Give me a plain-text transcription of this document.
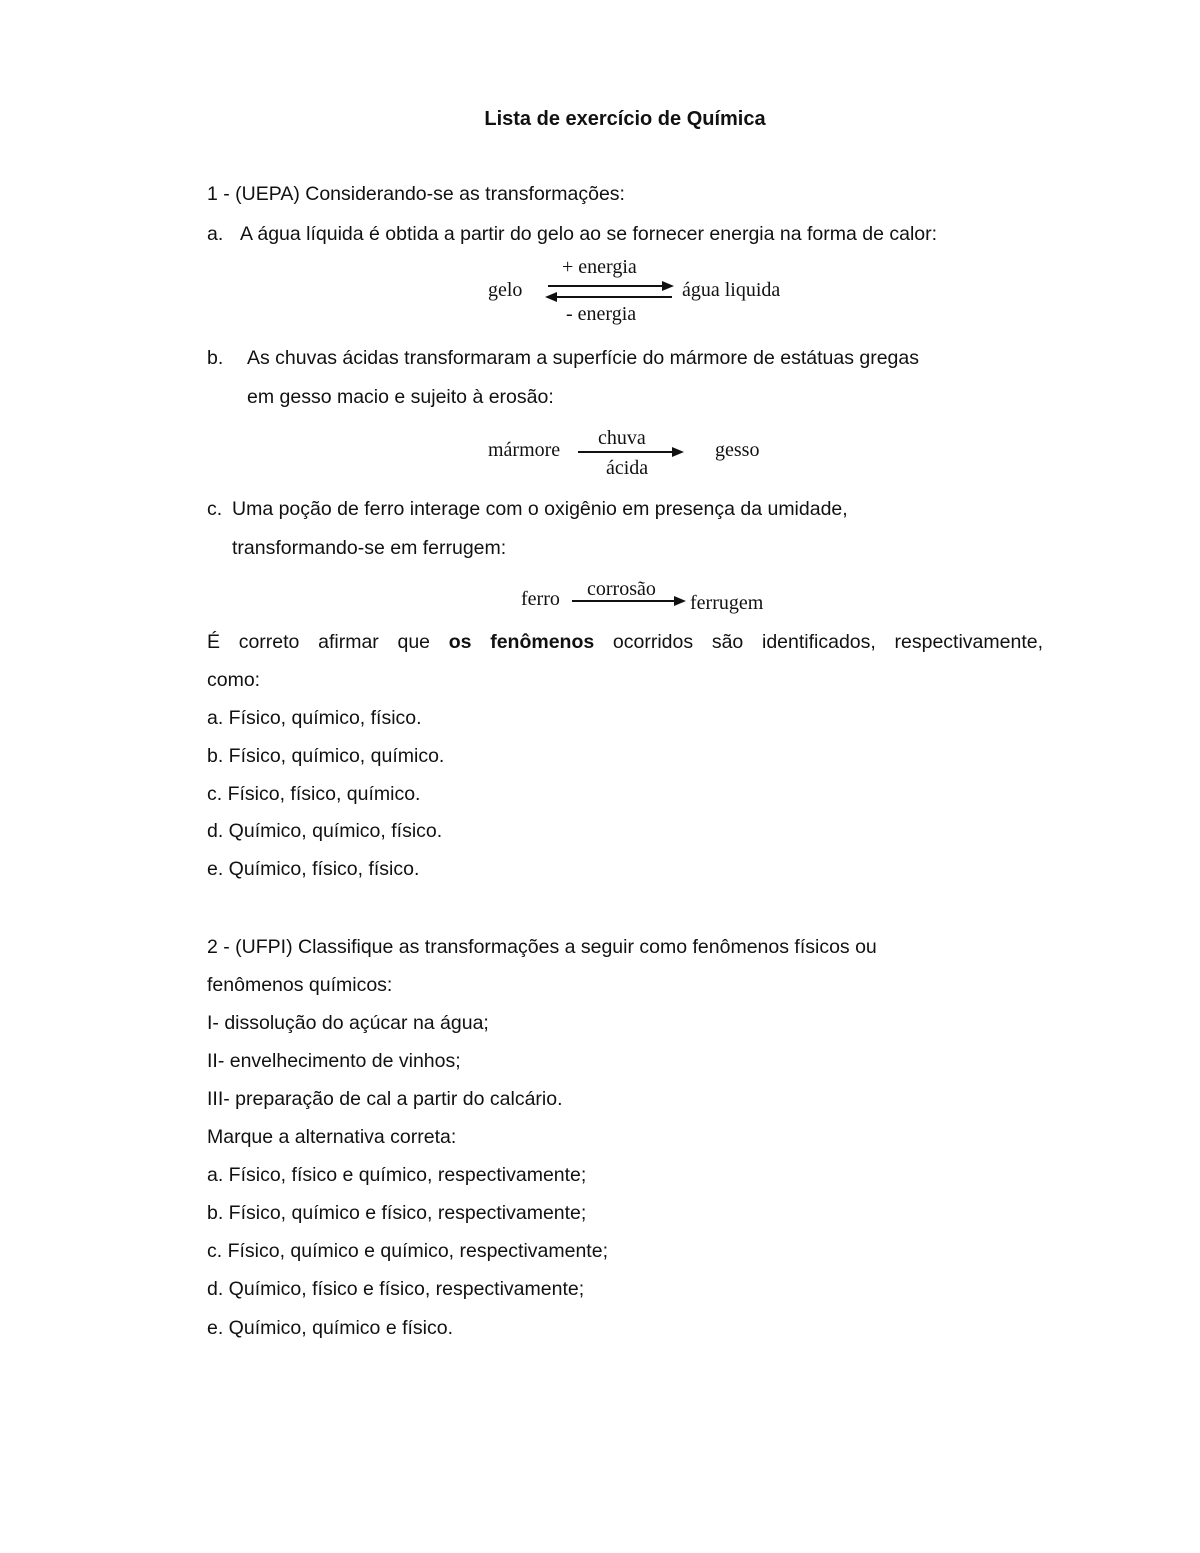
Lista de exercício de Química
1 - (UEPA) Considerando-se as transformações:
a. A água líquida é obtida a partir do gelo ao se fornecer energia na forma de calor:
+ energia
gelo	água liquida
- energia
b. As chuvas ácidas transformaram a superfície do mármore de estátuas gregas
em gesso macio e sujeito à erosão:
chuva
mármore	gesso
ácida
c. Uma poção de ferro interage com o oxigênio em presença da umidade,
transformando-se em ferrugem:
corrosão
ferro	ferrugem
É correto afirmar que os fenômenos ocorridos são identificados, respectivamente,
como:
a. Físico, químico, físico.
b. Físico, químico, químico.
c. Físico, físico, químico.
d. Químico, químico, físico.
e. Químico, físico, físico.
2 - (UFPI) Classifique as transformações a seguir como fenômenos físicos ou
fenômenos químicos:
I- dissolução do açúcar na água;
II- envelhecimento de vinhos;
III- preparação de cal a partir do calcário.
Marque a alternativa correta:
a. Físico, físico e químico, respectivamente;
b. Físico, químico e físico, respectivamente;
c. Físico, químico e químico, respectivamente;
d. Químico, físico e físico, respectivamente;
e. Químico, químico e físico.
